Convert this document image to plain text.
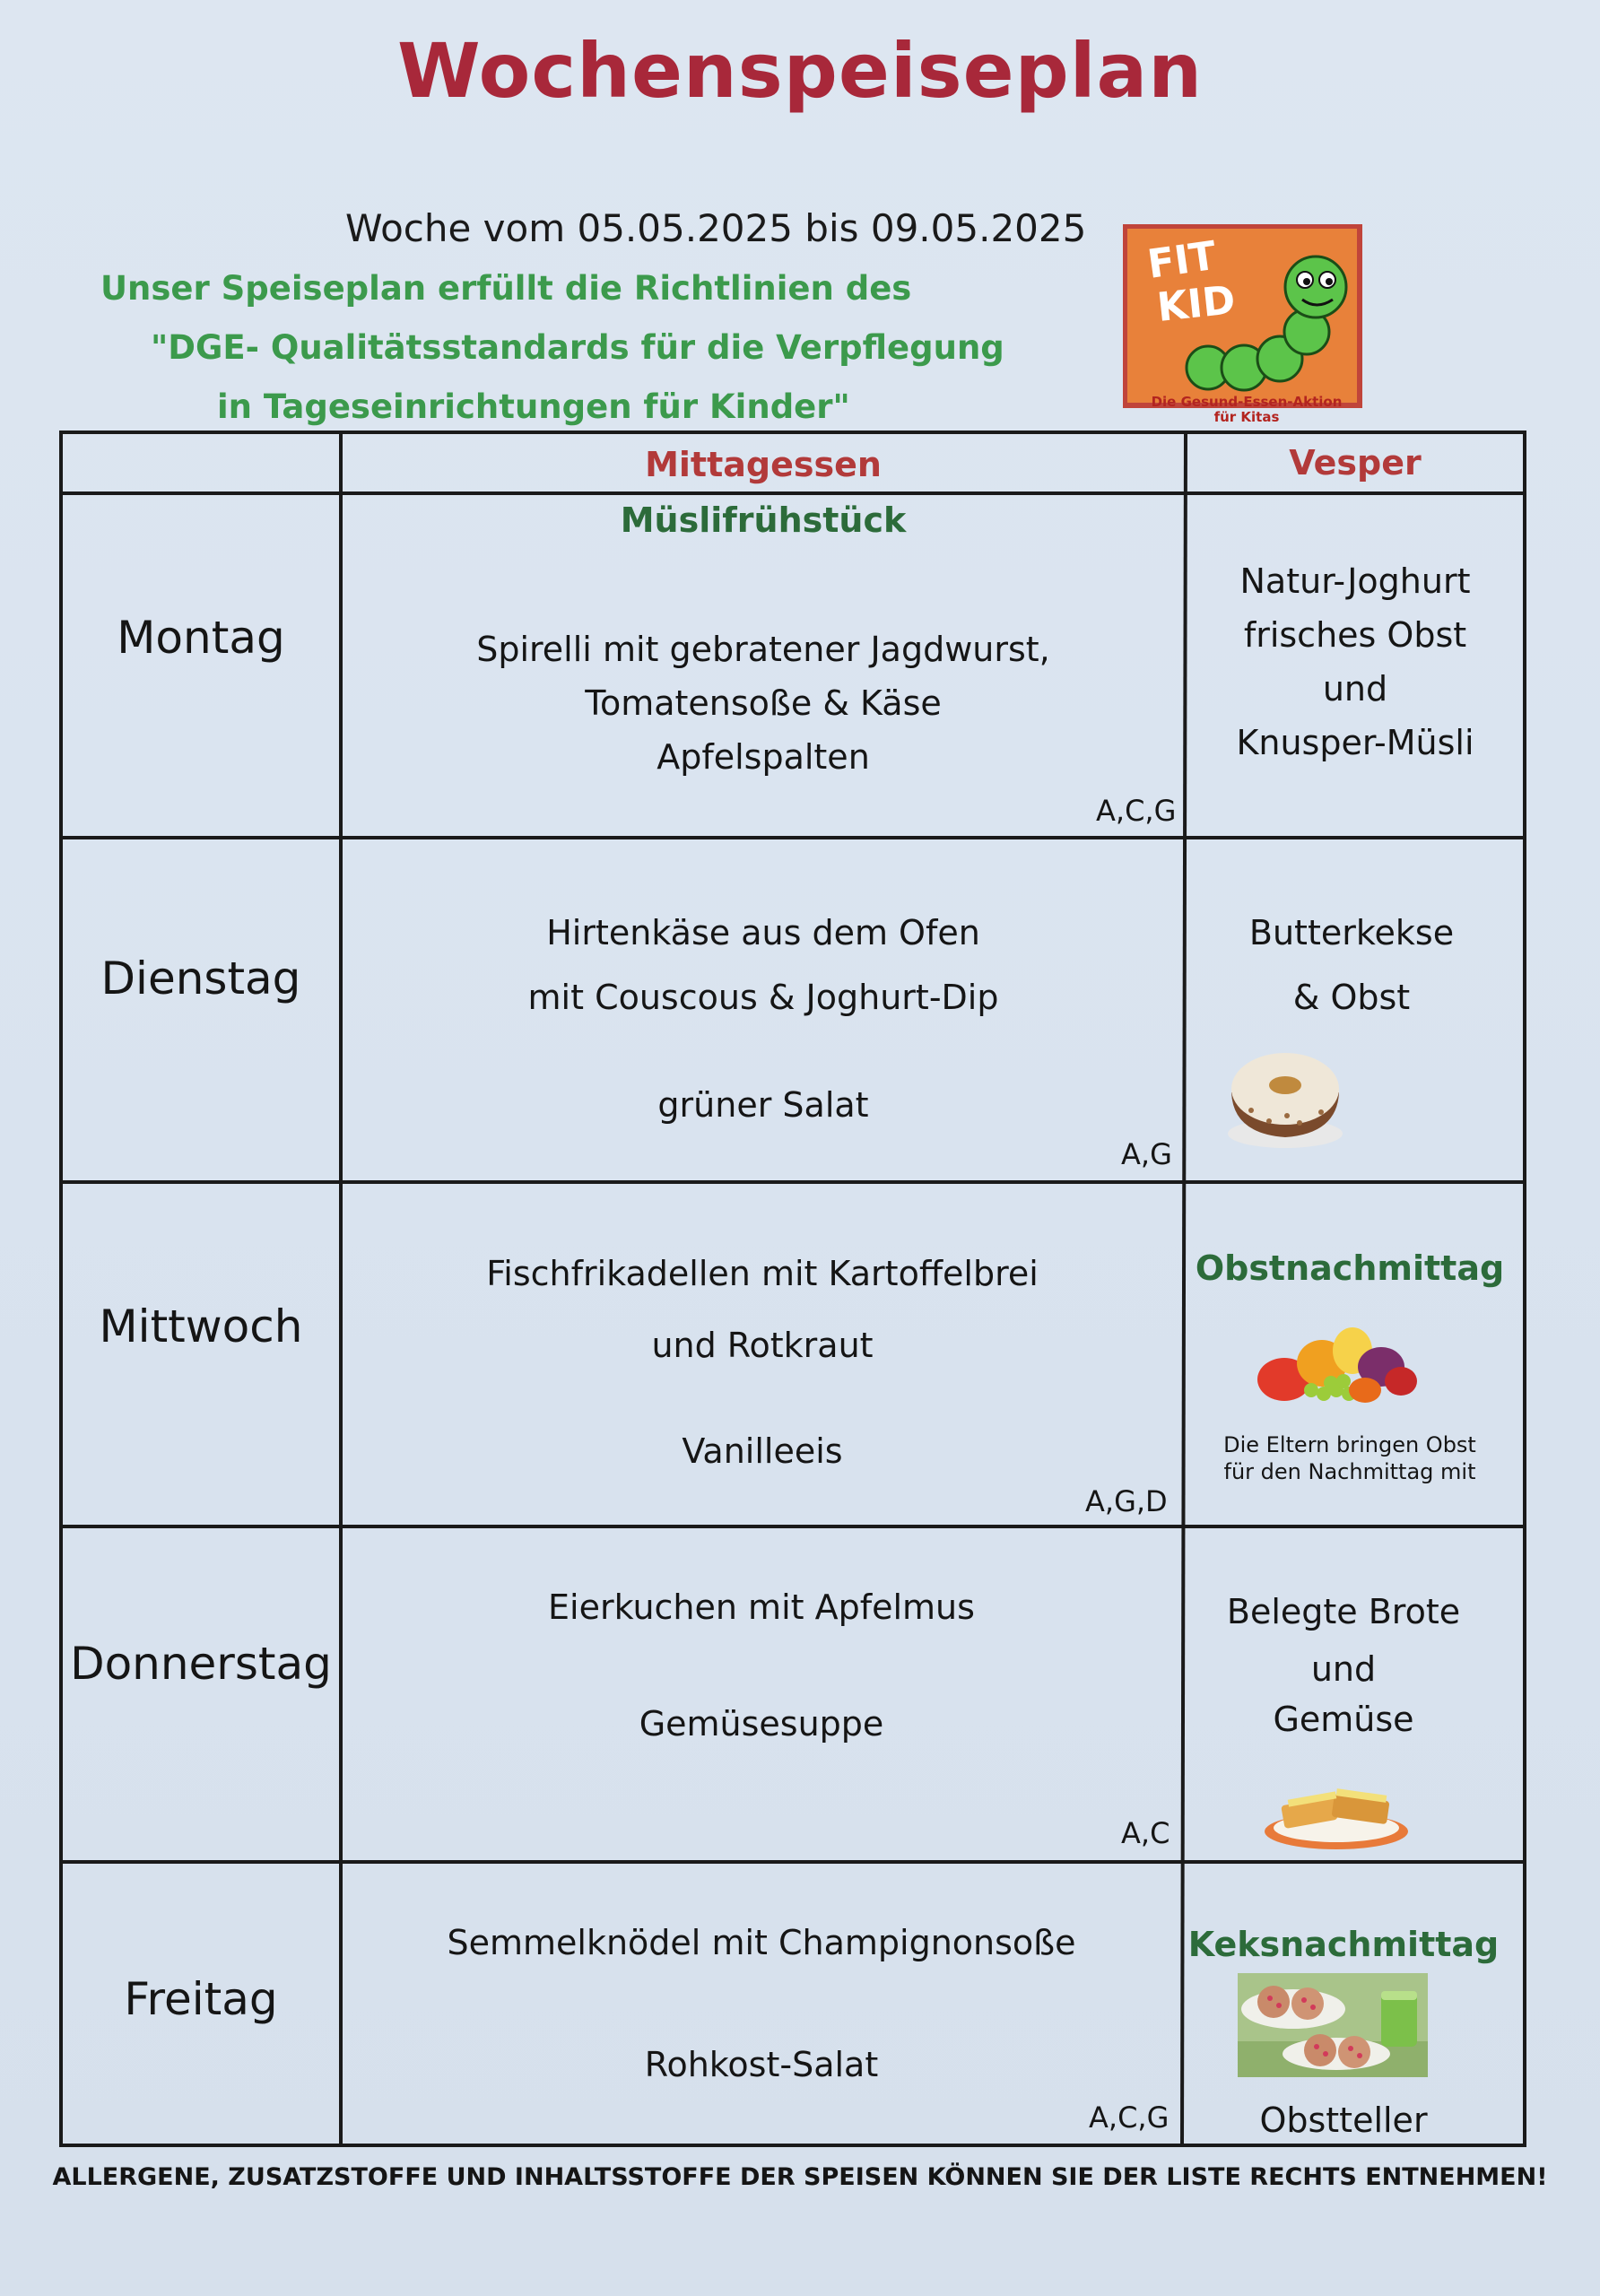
Wochenspeiseplan
Woche vom 05.05.2025 bis 09.05.2025
Unser Speiseplan erfüllt die Richtlinien des
"DGE- Qualitätsstandards für die Verpflegung
in Tageseinrichtungen für Kinder"
FIT
KID
Die Gesund-Essen-Aktion
für Kitas
Mittagessen	Vesper
Montag
Müslifrühstück
Spirelli mit gebratener Jagdwurst,
Tomatensoße & Käse
Apfelspalten
A,C,G
Natur-Joghurt
frisches Obst
und
Knusper-Müsli
Dienstag
Hirtenkäse aus dem Ofen
mit Couscous & Joghurt-Dip
grüner Salat
A,G
Butterkekse
& Obst
Mittwoch
Fischfrikadellen mit Kartoffelbrei
und Rotkraut
Vanilleeis
A,G,D
Obstnachmittag
Die Eltern bringen Obst
für den Nachmittag mit
Donnerstag
Eierkuchen mit Apfelmus
Gemüsesuppe
A,C
Belegte Brote
und
Gemüse
Freitag
Semmelknödel mit Champignonsoße
Rohkost-Salat
A,C,G
Keksnachmittag
Obstteller
ALLERGENE, ZUSATZSTOFFE UND INHALTSSTOFFE DER SPEISEN KÖNNEN SIE DER LISTE RECHTS ENTNEHMEN!
